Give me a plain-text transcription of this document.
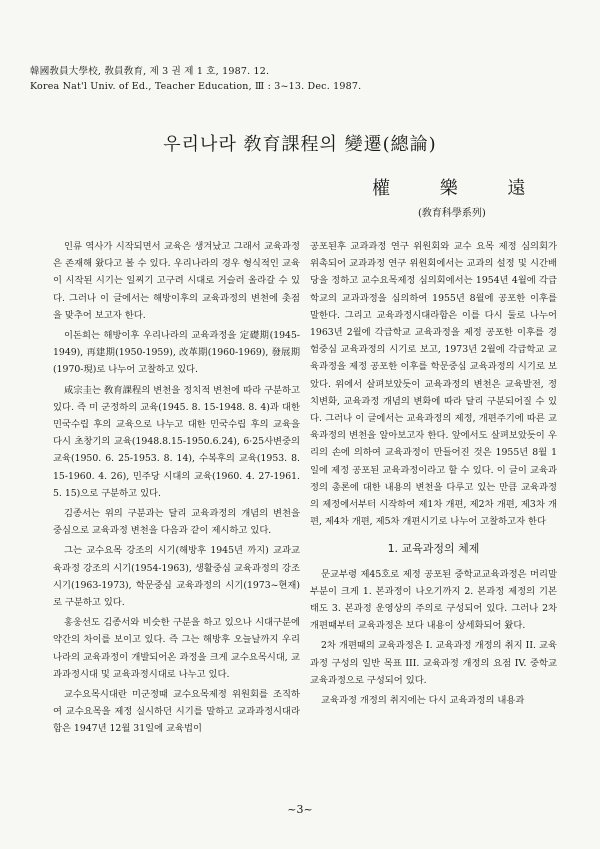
韓國敎員大學校, 敎員敎育, 제 3 권 제 1 호, 1987. 12.
Korea Nat'l Univ. of Ed., Teacher Education, Ⅲ : 3~13. Dec. 1987.
우리나라 敎育課程의 變遷(總論)
權 樂 遠
(敎育科學系列)

인류 역사가 시작되면서 교육은 생겨났고 그래서 교육과정은 존재해 왔다고 볼 수 있다. 우리나라의 경우 형식적인 교육이 시작된 시기는 일찌기 고구려 시대로 거슬러 올라갈 수 있다. 그러나 이 글에서는 해방이후의 교육과정의 변천에 촛점을 맞추어 보고자 한다.

이돈희는 해방이후 우리나라의 교육과정을 定礎期(1945-1949), 再建期(1950-1959), 改革期(1960-1969), 發展期(1970-現)로 나누어 고찰하고 있다.

咸宗圭는 敎育課程의 변천을 정치적 변천에 따라 구분하고 있다. 즉 미 군정하의 교육(1945. 8. 15-1948. 8. 4)과 대한민국수립 후의 교육으로 나누고 대한 민국수립 후의 교육을 다시 초창기의 교육(1948.8.15-1950.6.24), 6·25사변중의 교육(1950. 6. 25-1953. 8. 14), 수복후의 교육(1953. 8. 15-1960. 4. 26), 민주당 시대의 교육(1960. 4. 27-1961. 5. 15)으로 구분하고 있다.

김종서는 위의 구분과는 달리 교육과정의 개념의 변천을 중심으로 교육과정 변천을 다음과 같이 제시하고 있다.

그는 교수요목 강조의 시기(해방후 1945년 까지) 교과교육과정 강조의 시기(1954-1963), 생활중심 교육과정의 강조 시기(1963-1973), 학문중심 교육과정의 시기(1973~현재)로 구분하고 있다.

홍웅선도 김종서와 비슷한 구분을 하고 있으나 시대구분에 약간의 차이를 보이고 있다. 즉 그는 해방후 오늘날까지 우리나라의 교육과정이 개발되어온 과정을 크게 교수요목시대, 교과과정시대 및 교육과정시대로 나누고 있다.

교수요목시대란 미군정때 교수요목제정 위원회를 조직하여 교수요목을 제정 실시하던 시기를 말하고 교과과정시대라 함은 1947년 12월 31일에 교육법이

공포된후 교과과정 연구 위원회와 교수 요목 제정 심의회가 위촉되어 교과과정 연구 위원회에서는 교과의 설정 및 시간배당을 정하고 교수요목제정 심의회에서는 1954년 4월에 각급학교의 교과과정을 심의하여 1955년 8월에 공포한 이후를 말한다. 그리고 교육과정시대라함은 이를 다시 둘로 나누어 1963년 2월에 각급학교 교육과정을 제정 공포한 이후를 경험중심 교육과정의 시기로 보고, 1973년 2월에 각급학교 교육과정을 제정 공포한 이후를 학문중심 교육과정의 시기로 보았다. 위에서 살펴보았듯이 교육과정의 변천은 교육발전, 정치변화, 교육과정 개념의 변화에 따라 달리 구분되어질 수 있다. 그러나 이 글에서는 교육과정의 제정, 개편주기에 따른 교육과정의 변천을 알아보고자 한다. 앞에서도 살펴보았듯이 우리의 손에 의하여 교육과정이 만들어진 것은 1955년 8월 1일에 제정 공포된 교육과정이라고 할 수 있다. 이 글이 교육과정의 총론에 대한 내용의 변천을 다루고 있는 만큼 교육과정의 제정에서부터 시작하여 제1차 개편, 제2차 개편, 제3차 개편, 제4차 개편, 제5차 개편시기로 나누어 고찰하고자 한다

1. 교육과정의 체제

문교부령 제45호로 제정 공포된 중학교교육과정은 머리말 부분이 크게 1. 본과정이 나오기까지 2. 본과정 제정의 기본 태도 3. 본과정 운영상의 주의로 구성되어 있다. 그러나 2차 개편때부터 교육과정은 보다 내용이 상세화되어 왔다.

2차 개편때의 교육과정은 I. 교육과정 개정의 취지 II. 교육과정 구성의 일반 목표 III. 교육과정 개정의 요점 IV. 중학교 교육과정으로 구성되어 있다.

교육과정 개정의 취지에는 다시 교육과정의 내용과

~3~
